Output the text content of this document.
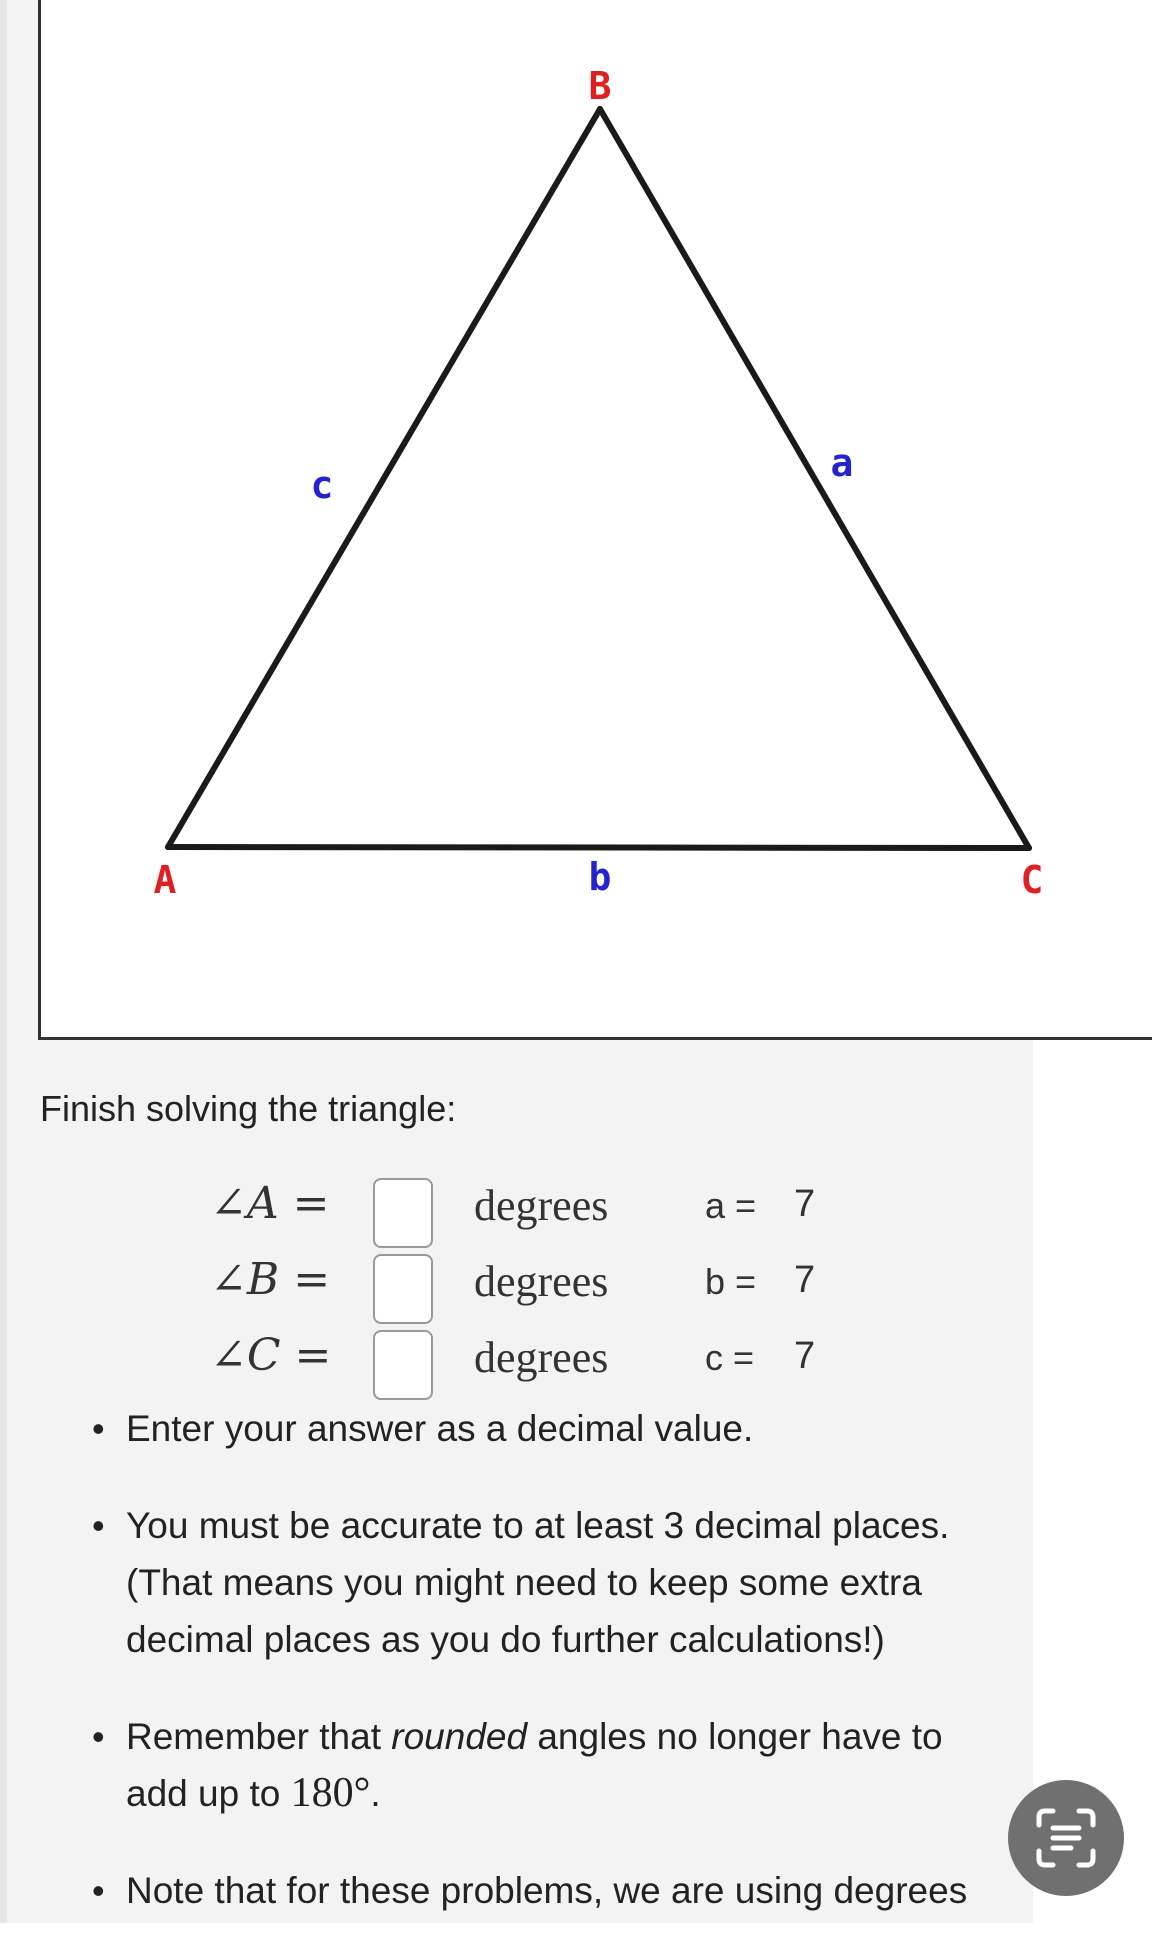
B
A	C
c	a
b
Finish solving the triangle:
∠A =	degrees	a = 7
∠B =	degrees	b = 7
∠C =	degrees	c = 7
• Enter your answer as a decimal value.
• You must be accurate to at least 3 decimal places. (That means you might need to keep some extra decimal places as you do further calculations!)
• Remember that rounded angles no longer have to add up to 180°.
• Note that for these problems, we are using degrees
